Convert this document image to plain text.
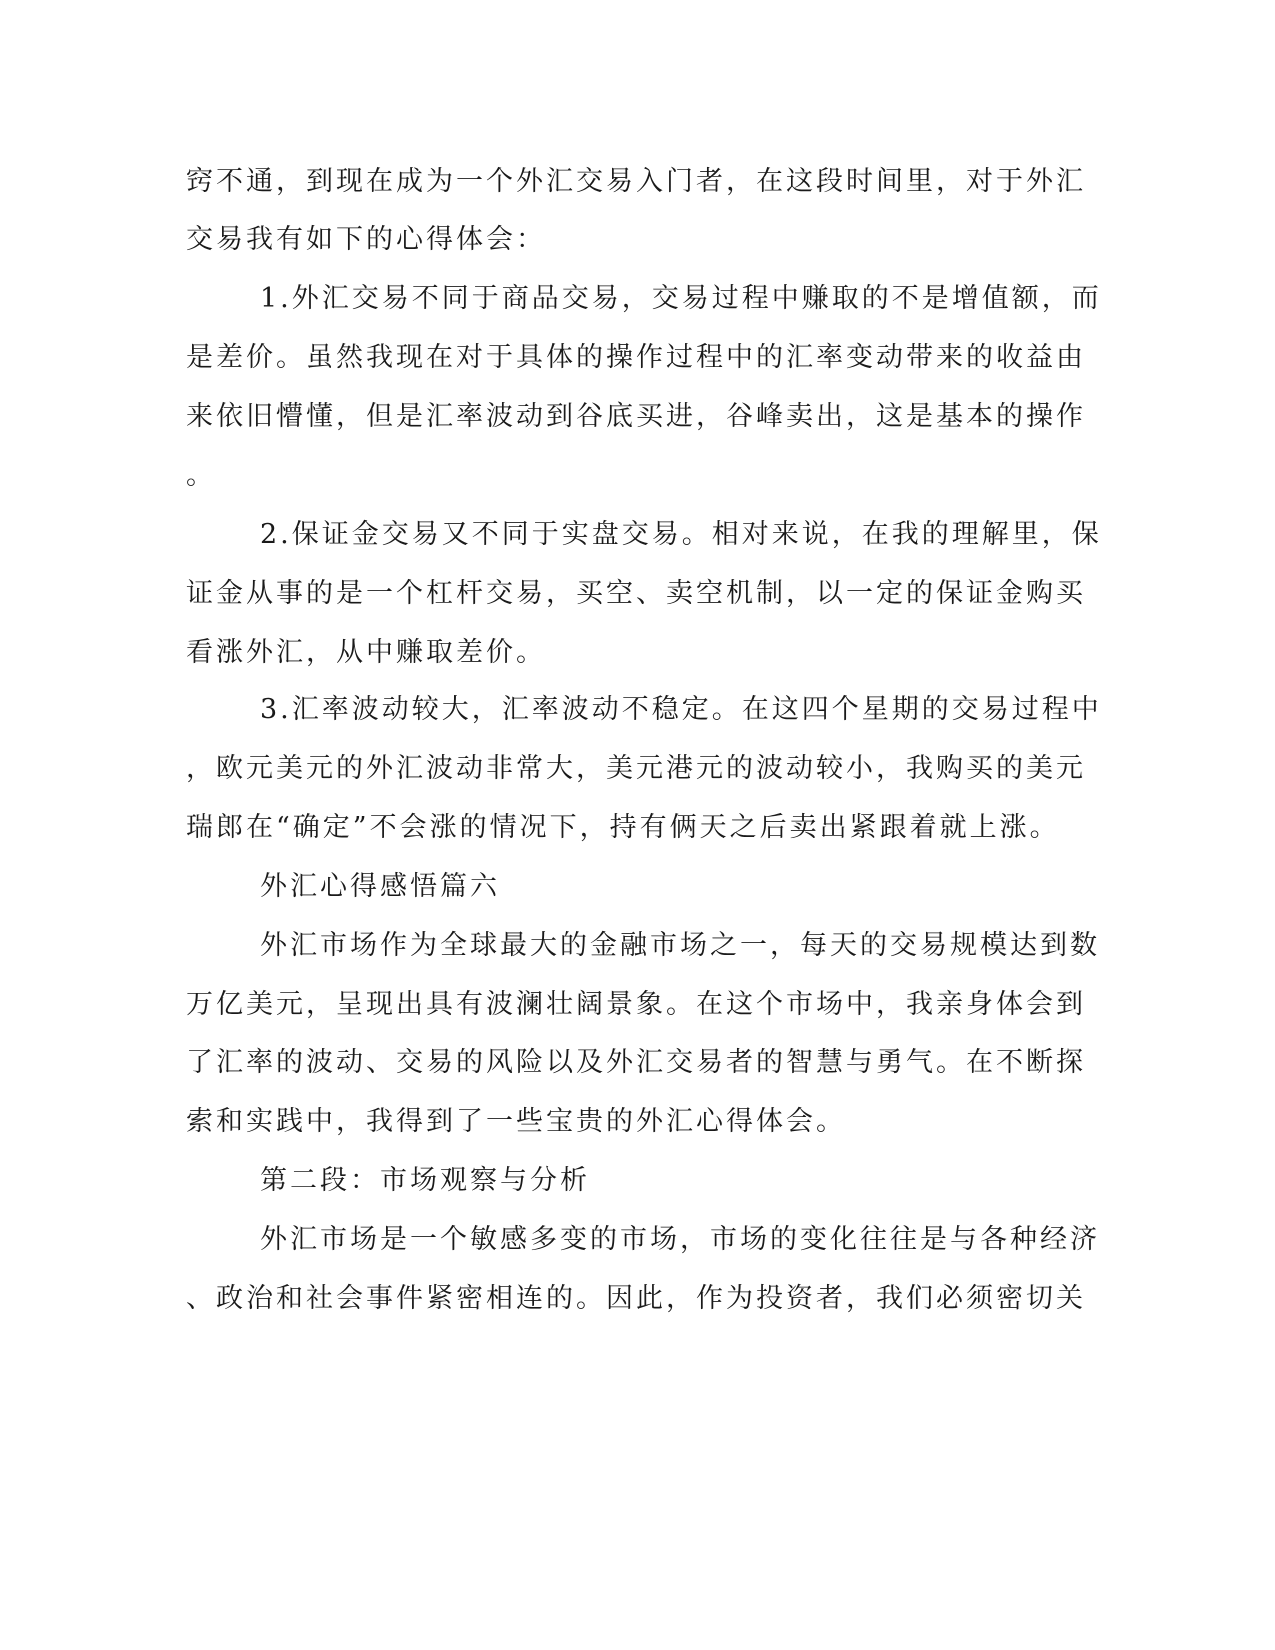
窍不通，到现在成为一个外汇交易入门者，在这段时间里，对于外汇
交易我有如下的心得体会：
1.外汇交易不同于商品交易，交易过程中赚取的不是增值额，而
是差价。虽然我现在对于具体的操作过程中的汇率变动带来的收益由
来依旧懵懂，但是汇率波动到谷底买进，谷峰卖出，这是基本的操作
。
2.保证金交易又不同于实盘交易。相对来说，在我的理解里，保
证金从事的是一个杠杆交易，买空、卖空机制，以一定的保证金购买
看涨外汇，从中赚取差价。
3.汇率波动较大，汇率波动不稳定。在这四个星期的交易过程中
，欧元美元的外汇波动非常大，美元港元的波动较小，我购买的美元
瑞郎在“确定”不会涨的情况下，持有俩天之后卖出紧跟着就上涨。
外汇心得感悟篇六
外汇市场作为全球最大的金融市场之一，每天的交易规模达到数
万亿美元，呈现出具有波澜壮阔景象。在这个市场中，我亲身体会到
了汇率的波动、交易的风险以及外汇交易者的智慧与勇气。在不断探
索和实践中，我得到了一些宝贵的外汇心得体会。
第二段：市场观察与分析
外汇市场是一个敏感多变的市场，市场的变化往往是与各种经济
、政治和社会事件紧密相连的。因此，作为投资者，我们必须密切关
